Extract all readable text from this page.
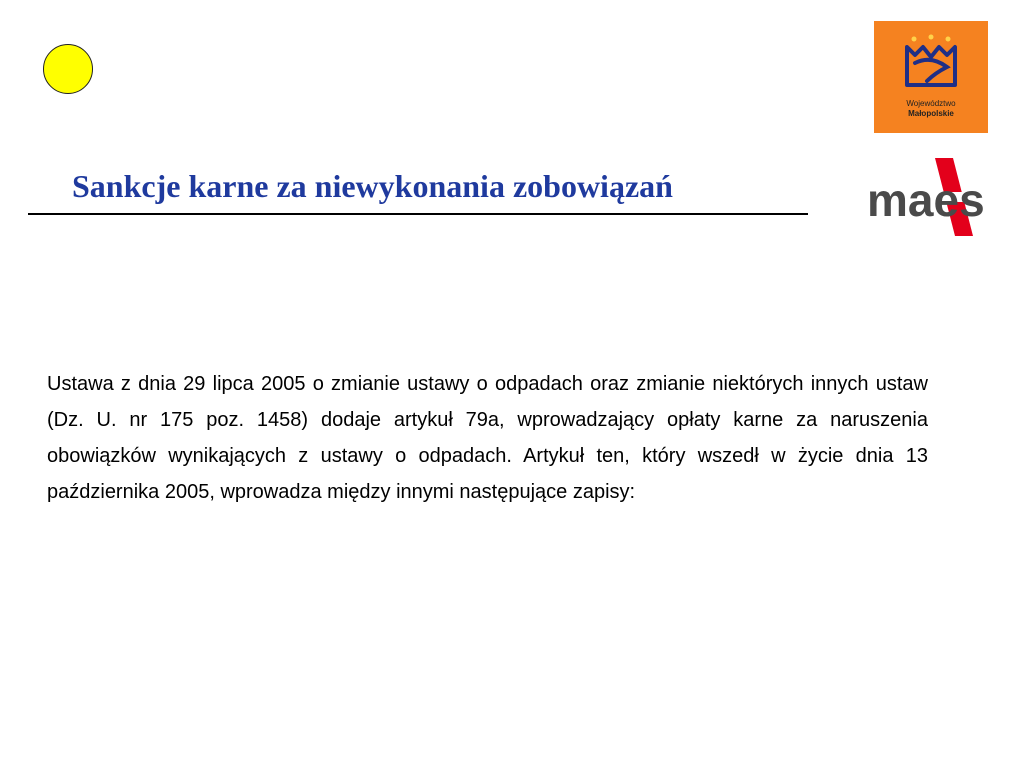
Sankcje karne za niewykonania zobowiązań
Województwo
Małopolskie
maes

Ustawa z dnia 29 lipca 2005 o zmianie ustawy o odpadach oraz zmianie niektórych innych ustaw (Dz. U. nr 175 poz. 1458) dodaje artykuł 79a, wprowadzający opłaty karne za naruszenia obowiązków wynikających z ustawy o odpadach. Artykuł ten, który wszedł w życie dnia 13 października 2005, wprowadza między innymi następujące zapisy:
